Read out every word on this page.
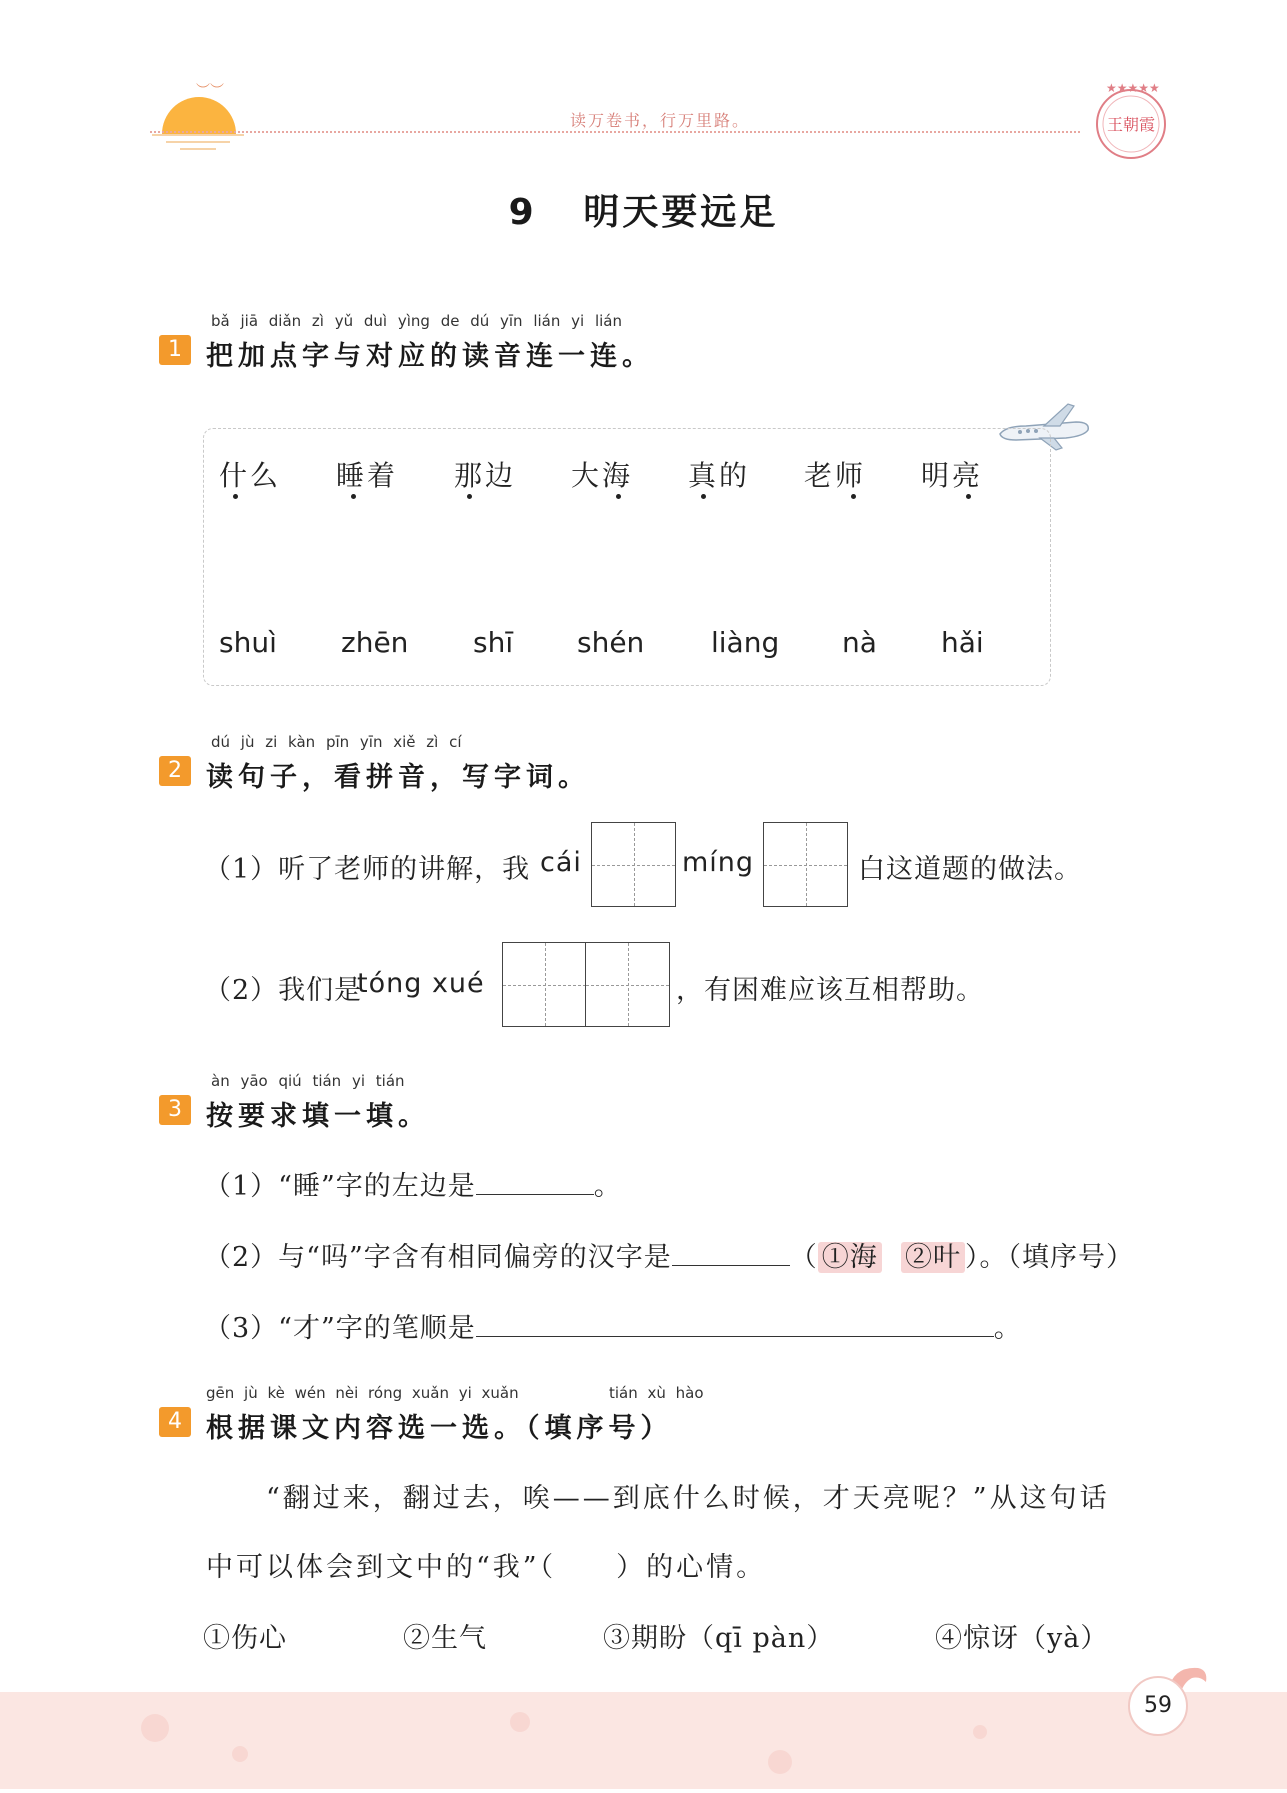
︶︶
读万卷书，行万里路。
★★★★★
王朝霞
9 明天要远足
bǎ jiā diǎn zì yǔ duì yìng de dú yīn lián yi lián
1 把加点字与对应的读音连一连。
什么 睡着 那边 大海 真的 老师 明亮
shuì zhēn shī shén liàng nà hǎi
dú jù zi kàn pīn yīn xiě zì cí
2 读句子，看拼音，写字词。
（1）听了老师的讲解，我 cái	míng	白这道题的做法。
（2）我们是
tóng xué	，有困难应该互相帮助。
àn yāo qiú tián yi tián
3 按要求填一填。
（1）“睡”字的左边是	。
（2）与“吗”字含有相同偏旁的汉字是	（ ①海 ②叶 ）。（填序号）
（3）“才”字的笔顺是	。
gēn jù kè wén nèi róng xuǎn yi xuǎn	tián xù hào
4 根据课文内容选一选。（填序号）
“翻过来，翻过去，唉——到底什么时候，才天亮呢？”从这句话
中可以体会到文中的“我”（　　）的心情。
①伤心	②生气	③期盼（qī pàn）	④惊讶（yà）
59
